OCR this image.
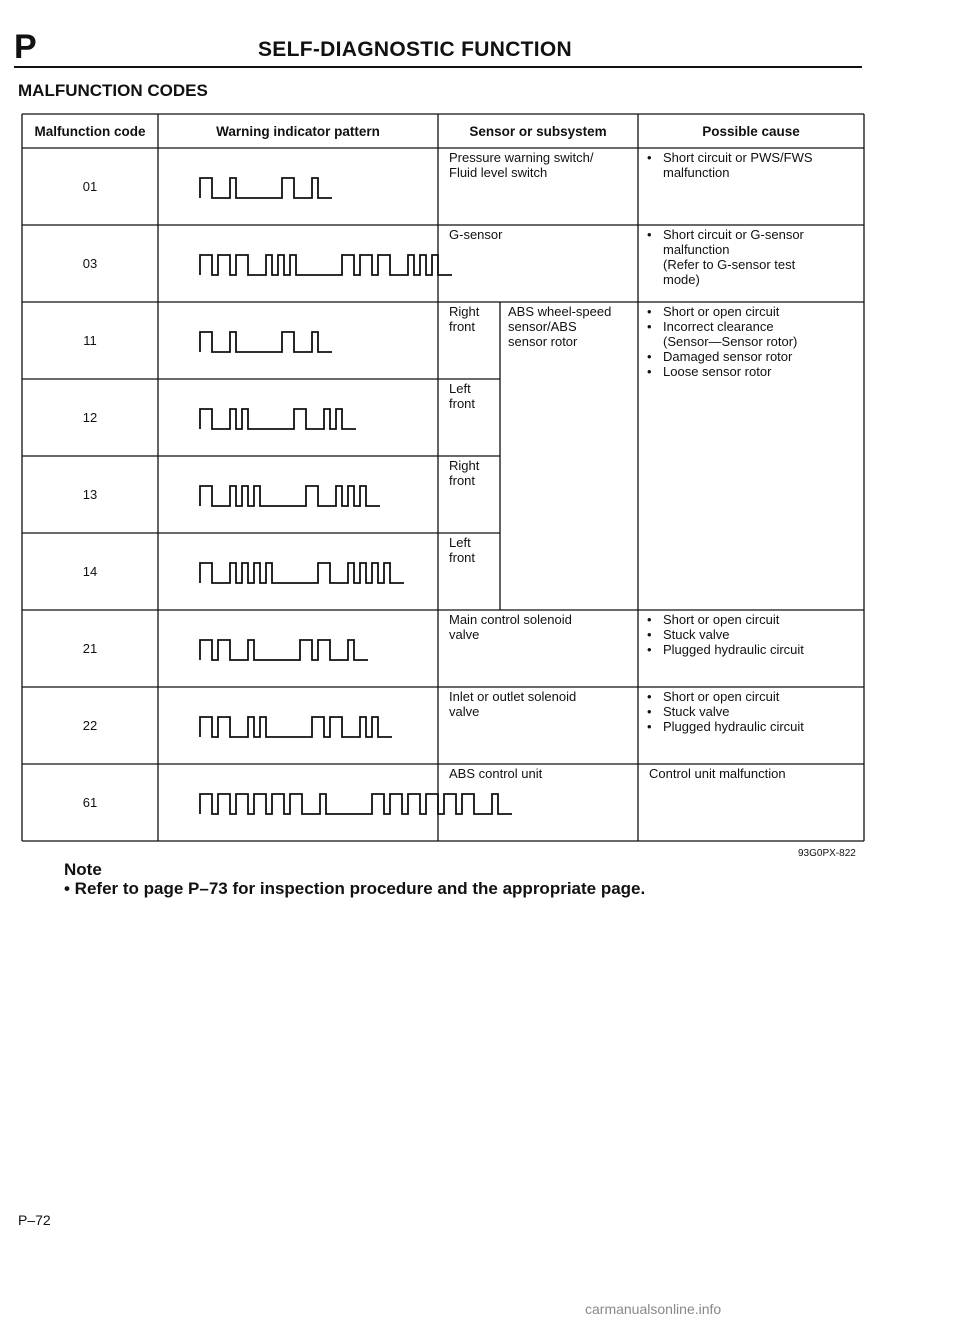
P	SELF-DIAGNOSTIC FUNCTION
MALFUNCTION CODES
Malfunction code	Warning indicator pattern	Sensor or subsystem	Possible cause
01
Pressure warning switch/
Fluid level switch
• Short circuit or PWS/FWS
malfunction
03
G-sensor
•	Short circuit or G-sensor
malfunction
(Refer to G-sensor test
mode)
11
Right
front
12
Left
front
13
Right
front
14
Left
front
21
Main control solenoid
valve
• Short or open circuit
• Stuck valve
• Plugged hydraulic circuit
22
Inlet or outlet solenoid
valve
• Short or open circuit
• Stuck valve
• Plugged hydraulic circuit
61
ABS control unit	Control unit malfunction
ABS wheel-speed
sensor/ABS
sensor rotor
• Short or open circuit
• Incorrect clearance
(Sensor—Sensor rotor)
• Damaged sensor rotor
• Loose sensor rotor
93G0PX-822
Note
• Refer to page P–73 for inspection procedure and the appropriate page.
P–72
carmanualsonline.info
